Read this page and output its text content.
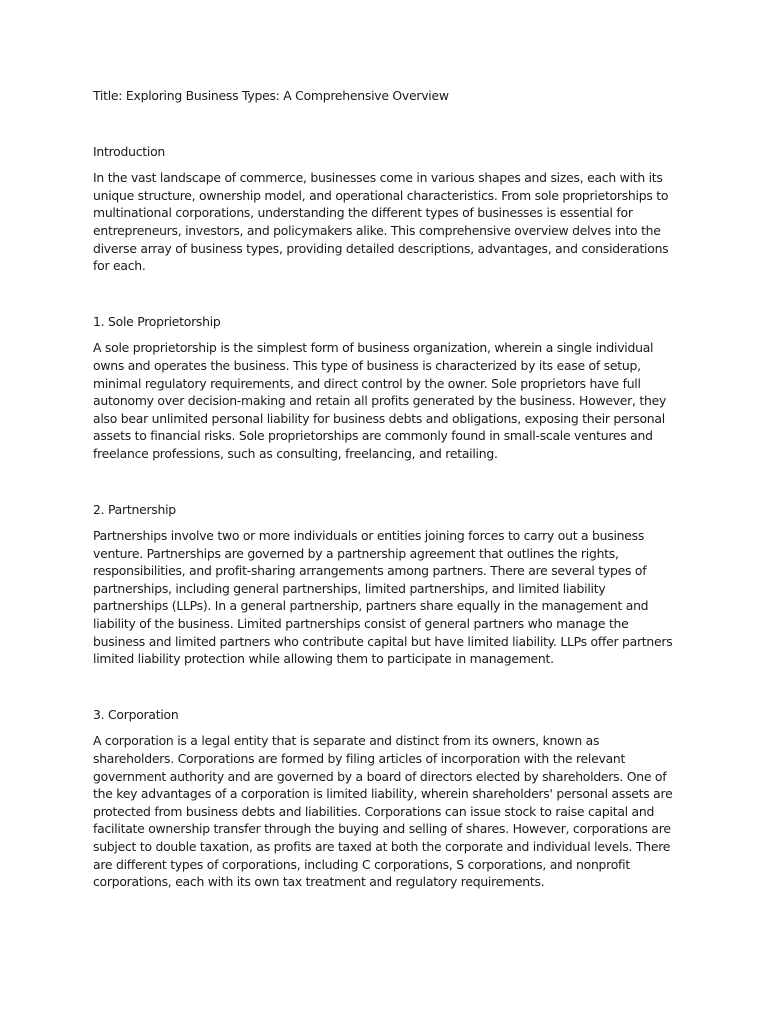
Title: Exploring Business Types: A Comprehensive Overview

Introduction

In the vast landscape of commerce, businesses come in various shapes and sizes, each with its unique structure, ownership model, and operational characteristics. From sole proprietorships to multinational corporations, understanding the different types of businesses is essential for entrepreneurs, investors, and policymakers alike. This comprehensive overview delves into the diverse array of business types, providing detailed descriptions, advantages, and considerations for each.

1. Sole Proprietorship

A sole proprietorship is the simplest form of business organization, wherein a single individual owns and operates the business. This type of business is characterized by its ease of setup, minimal regulatory requirements, and direct control by the owner. Sole proprietors have full autonomy over decision-making and retain all profits generated by the business. However, they also bear unlimited personal liability for business debts and obligations, exposing their personal assets to financial risks. Sole proprietorships are commonly found in small-scale ventures and freelance professions, such as consulting, freelancing, and retailing.

2. Partnership

Partnerships involve two or more individuals or entities joining forces to carry out a business venture. Partnerships are governed by a partnership agreement that outlines the rights, responsibilities, and profit-sharing arrangements among partners. There are several types of partnerships, including general partnerships, limited partnerships, and limited liability partnerships (LLPs). In a general partnership, partners share equally in the management and liability of the business. Limited partnerships consist of general partners who manage the business and limited partners who contribute capital but have limited liability. LLPs offer partners limited liability protection while allowing them to participate in management.

3. Corporation

A corporation is a legal entity that is separate and distinct from its owners, known as shareholders. Corporations are formed by filing articles of incorporation with the relevant government authority and are governed by a board of directors elected by shareholders. One of the key advantages of a corporation is limited liability, wherein shareholders' personal assets are protected from business debts and liabilities. Corporations can issue stock to raise capital and facilitate ownership transfer through the buying and selling of shares. However, corporations are subject to double taxation, as profits are taxed at both the corporate and individual levels. There are different types of corporations, including C corporations, S corporations, and nonprofit corporations, each with its own tax treatment and regulatory requirements.
